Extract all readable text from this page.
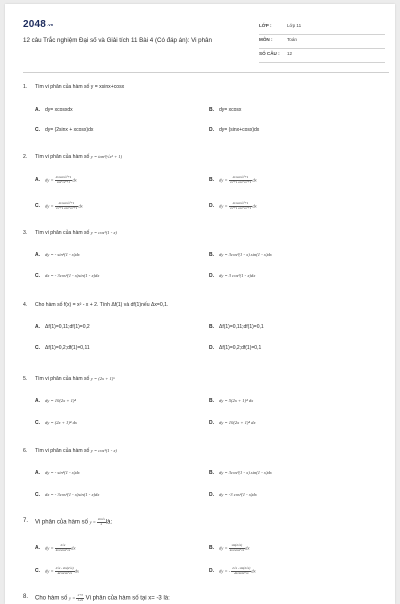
2048.vn
12 câu Trắc nghiệm Đại số và Giải tích 11 Bài 4 (Có đáp án): Vi phân
LỚP :	Lớp 11
MÔN :	Toán
SỐ CÂU : 12
1. Tìm vi phân của hàm số y = xsinx+cosx
A. dy= xcosxdx	B. dy= xcosx
C. dy= (2sinx + xcosx)dx	D. dy= (sinx+cosx)dx
2. Tìm vi phân của hàm số y = tan²(√x² + 1)
A. dy = $\frac{\text{2x tan√x²+1}}{\text{cos²√x²+1}}$ dx	B. dy = $\frac{\text{2x tan√x²+1}}{\text{√x²+1 cos²√x²+1}}$ dx
C. dy = $\frac{\text{2x tan√x²+1}}{\text{√x²+1 cos²√x²+1}}$ dx	D. dy = $\frac{\text{2x tan√x²+1}}{\text{√x²+1 cos²√x²+1}}$ dx
3. Tìm vi phân của hàm số y = cos²(1 - x)
A. dy = - sin²(1 - x)dx	B. dy = 3cos²(1 - x).sin(1 - x)dx
C. dx = - 3cos²(1 - x)sin(1 - x)dx	D. dy = 3 cos²(1 - x)dx
4. Cho hàm số f(x) = x² - x + 2. Tính Δf(1) và df(1)nếu Δx=0,1.
A. Δf(1)=0,11;df(1)=0,2	B. Δf(1)=0,11;df(1)=0,1
C. Δf(1)=0,2;df(1)=0,11	D. Δf(1)=0,2;df(1)=0,1
5. Tìm vi phân của hàm số y = (2x + 1)⁵
A. dy = 10(2x + 1)⁴	B. dy = 5(2x + 1)⁴ dx
C. dy = (2x + 1)⁴ dx	D. dy = 10(2x + 1)⁴ dx
6. Tìm vi phân của hàm số y = cos³(1 - x)
A. dy = - sin²(1 - x)dx	B. dy = 3cos²(1 - x).sin(1 - x)dx
C. dx = - 3cos²(1 - x)sin(1 - x)dx	D. dy = -3 cos²(1 - x)dx
7. Vi phân của hàm số $y = \frac{\sin√x}{x}$ là:
A. dy = $\frac{2√x}{\text{4x√xcos²√x}}$ dx	B. dy = $\frac{\sin(2√x)}{\text{4x√xcos²√x}}$ dx
C. dy = $\frac{2√x - \sin(2√x)}{\text{4x√xcos²√x}}$ dx	D. dy = - $\frac{2√x - \sin(2√x)}{\text{4x√xcos²√x}}$ dx
8. Cho hàm số $y = \frac{x+3}{1-2x}$ Vi phân của hàm số tại x= -3 là:
